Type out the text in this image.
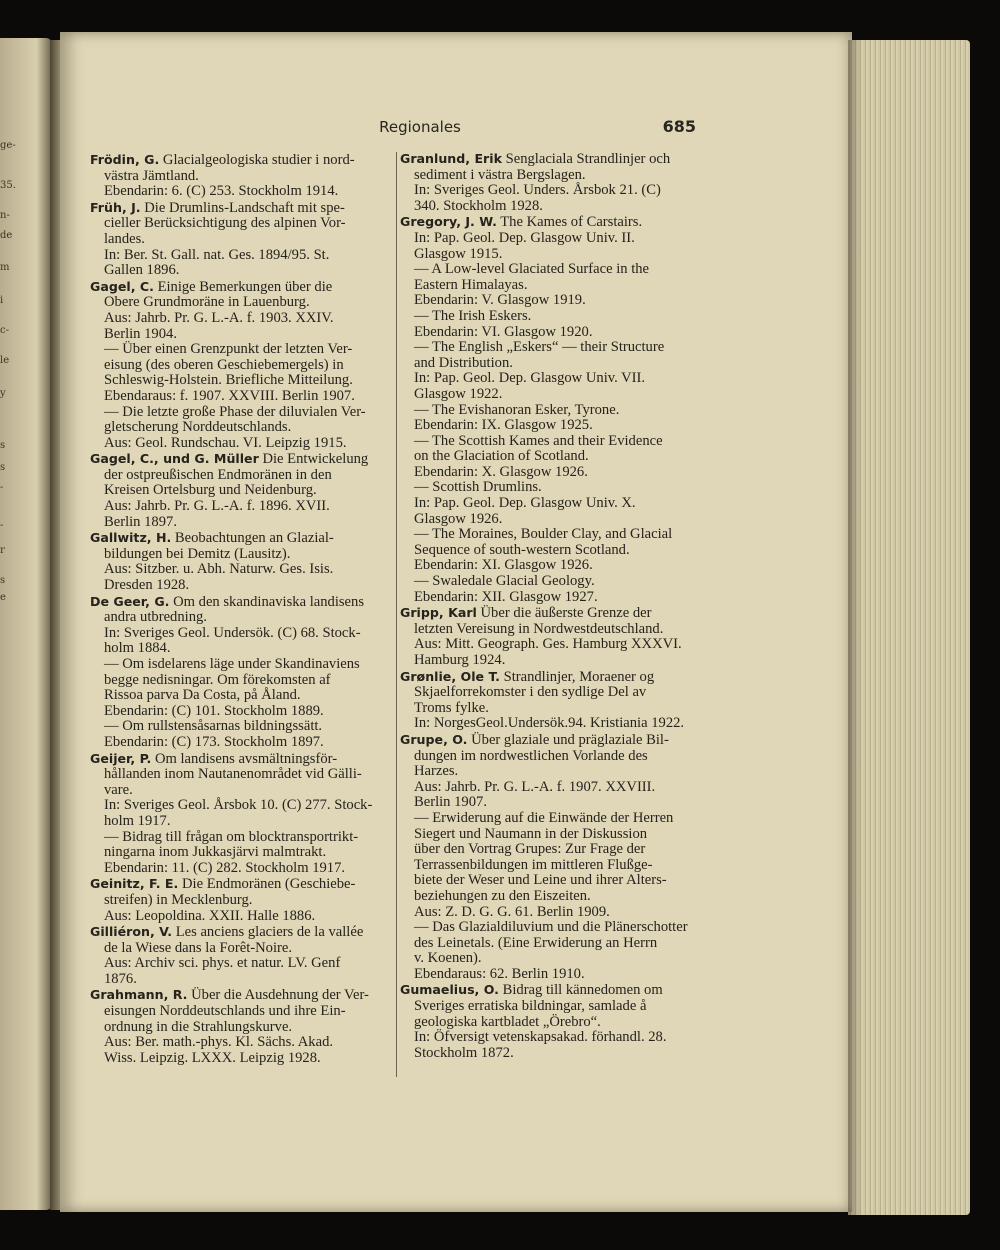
ge-
35.
n-
de
m
i
c-
le
y
s
s
-
-
r
s
e
Regionales	685
Frödin, G. Glacialgeologiska studier i nord-
västra Jämtland.
Ebendarin: 6. (C) 253. Stockholm 1914.
Früh, J. Die Drumlins-Landschaft mit spe-
cieller Berücksichtigung des alpinen Vor-
landes.
In: Ber. St. Gall. nat. Ges. 1894/95. St.
Gallen 1896.
Gagel, C. Einige Bemerkungen über die
Obere Grundmoräne in Lauenburg.
Aus: Jahrb. Pr. G. L.-A. f. 1903. XXIV.
Berlin 1904.
— Über einen Grenzpunkt der letzten Ver-
eisung (des oberen Geschiebemergels) in
Schleswig-Holstein. Briefliche Mitteilung.
Ebendaraus: f. 1907. XXVIII. Berlin 1907.
— Die letzte große Phase der diluvialen Ver-
gletscherung Norddeutschlands.
Aus: Geol. Rundschau. VI. Leipzig 1915.
Gagel, C., und G. Müller Die Entwickelung
der ostpreußischen Endmoränen in den
Kreisen Ortelsburg und Neidenburg.
Aus: Jahrb. Pr. G. L.-A. f. 1896. XVII.
Berlin 1897.
Gallwitz, H. Beobachtungen an Glazial-
bildungen bei Demitz (Lausitz).
Aus: Sitzber. u. Abh. Naturw. Ges. Isis.
Dresden 1928.
De Geer, G. Om den skandinaviska landisens
andra utbredning.
In: Sveriges Geol. Undersök. (C) 68. Stock-
holm 1884.
— Om isdelarens läge under Skandinaviens
begge nedisningar. Om förekomsten af
Rissoa parva Da Costa, på Åland.
Ebendarin: (C) 101. Stockholm 1889.
— Om rullstensåsarnas bildningssätt.
Ebendarin: (C) 173. Stockholm 1897.
Geijer, P. Om landisens avsmältningsför-
hållanden inom Nautanenområdet vid Gälli-
vare.
In: Sveriges Geol. Årsbok 10. (C) 277. Stock-
holm 1917.
— Bidrag till frågan om blocktransportrikt-
ningarna inom Jukkasjärvi malmtrakt.
Ebendarin: 11. (C) 282. Stockholm 1917.
Geinitz, F. E. Die Endmoränen (Geschiebe-
streifen) in Mecklenburg.
Aus: Leopoldina. XXII. Halle 1886.
Gilliéron, V. Les anciens glaciers de la vallée
de la Wiese dans la Forêt-Noire.
Aus: Archiv sci. phys. et natur. LV. Genf
1876.
Grahmann, R. Über die Ausdehnung der Ver-
eisungen Norddeutschlands und ihre Ein-
ordnung in die Strahlungskurve.
Aus: Ber. math.-phys. Kl. Sächs. Akad.
Wiss. Leipzig. LXXX. Leipzig 1928.
Granlund, Erik Senglaciala Strandlinjer och
sediment i västra Bergslagen.
In: Sveriges Geol. Unders. Årsbok 21. (C)
340. Stockholm 1928.
Gregory, J. W. The Kames of Carstairs.
In: Pap. Geol. Dep. Glasgow Univ. II.
Glasgow 1915.
— A Low-level Glaciated Surface in the
Eastern Himalayas.
Ebendarin: V. Glasgow 1919.
— The Irish Eskers.
Ebendarin: VI. Glasgow 1920.
— The English „Eskers“ — their Structure
and Distribution.
In: Pap. Geol. Dep. Glasgow Univ. VII.
Glasgow 1922.
— The Evishanoran Esker, Tyrone.
Ebendarin: IX. Glasgow 1925.
— The Scottish Kames and their Evidence
on the Glaciation of Scotland.
Ebendarin: X. Glasgow 1926.
— Scottish Drumlins.
In: Pap. Geol. Dep. Glasgow Univ. X.
Glasgow 1926.
— The Moraines, Boulder Clay, and Glacial
Sequence of south-western Scotland.
Ebendarin: XI. Glasgow 1926.
— Swaledale Glacial Geology.
Ebendarin: XII. Glasgow 1927.
Gripp, Karl Über die äußerste Grenze der
letzten Vereisung in Nordwestdeutschland.
Aus: Mitt. Geograph. Ges. Hamburg XXXVI.
Hamburg 1924.
Grønlie, Ole T. Strandlinjer, Moraener og
Skjaelforrekomster i den sydlige Del av
Troms fylke.
In: NorgesGeol.Undersök.94. Kristiania 1922.
Grupe, O. Über glaziale und präglaziale Bil-
dungen im nordwestlichen Vorlande des
Harzes.
Aus: Jahrb. Pr. G. L.-A. f. 1907. XXVIII.
Berlin 1907.
— Erwiderung auf die Einwände der Herren
Siegert und Naumann in der Diskussion
über den Vortrag Grupes: Zur Frage der
Terrassenbildungen im mittleren Flußge-
biete der Weser und Leine und ihrer Alters-
beziehungen zu den Eiszeiten.
Aus: Z. D. G. G. 61. Berlin 1909.
— Das Glazialdiluvium und die Plänerschotter
des Leinetals. (Eine Erwiderung an Herrn
v. Koenen).
Ebendaraus: 62. Berlin 1910.
Gumaelius, O. Bidrag till kännedomen om
Sveriges erratiska bildningar, samlade å
geologiska kartbladet „Örebro“.
In: Öfversigt vetenskapsakad. förhandl. 28.
Stockholm 1872.
